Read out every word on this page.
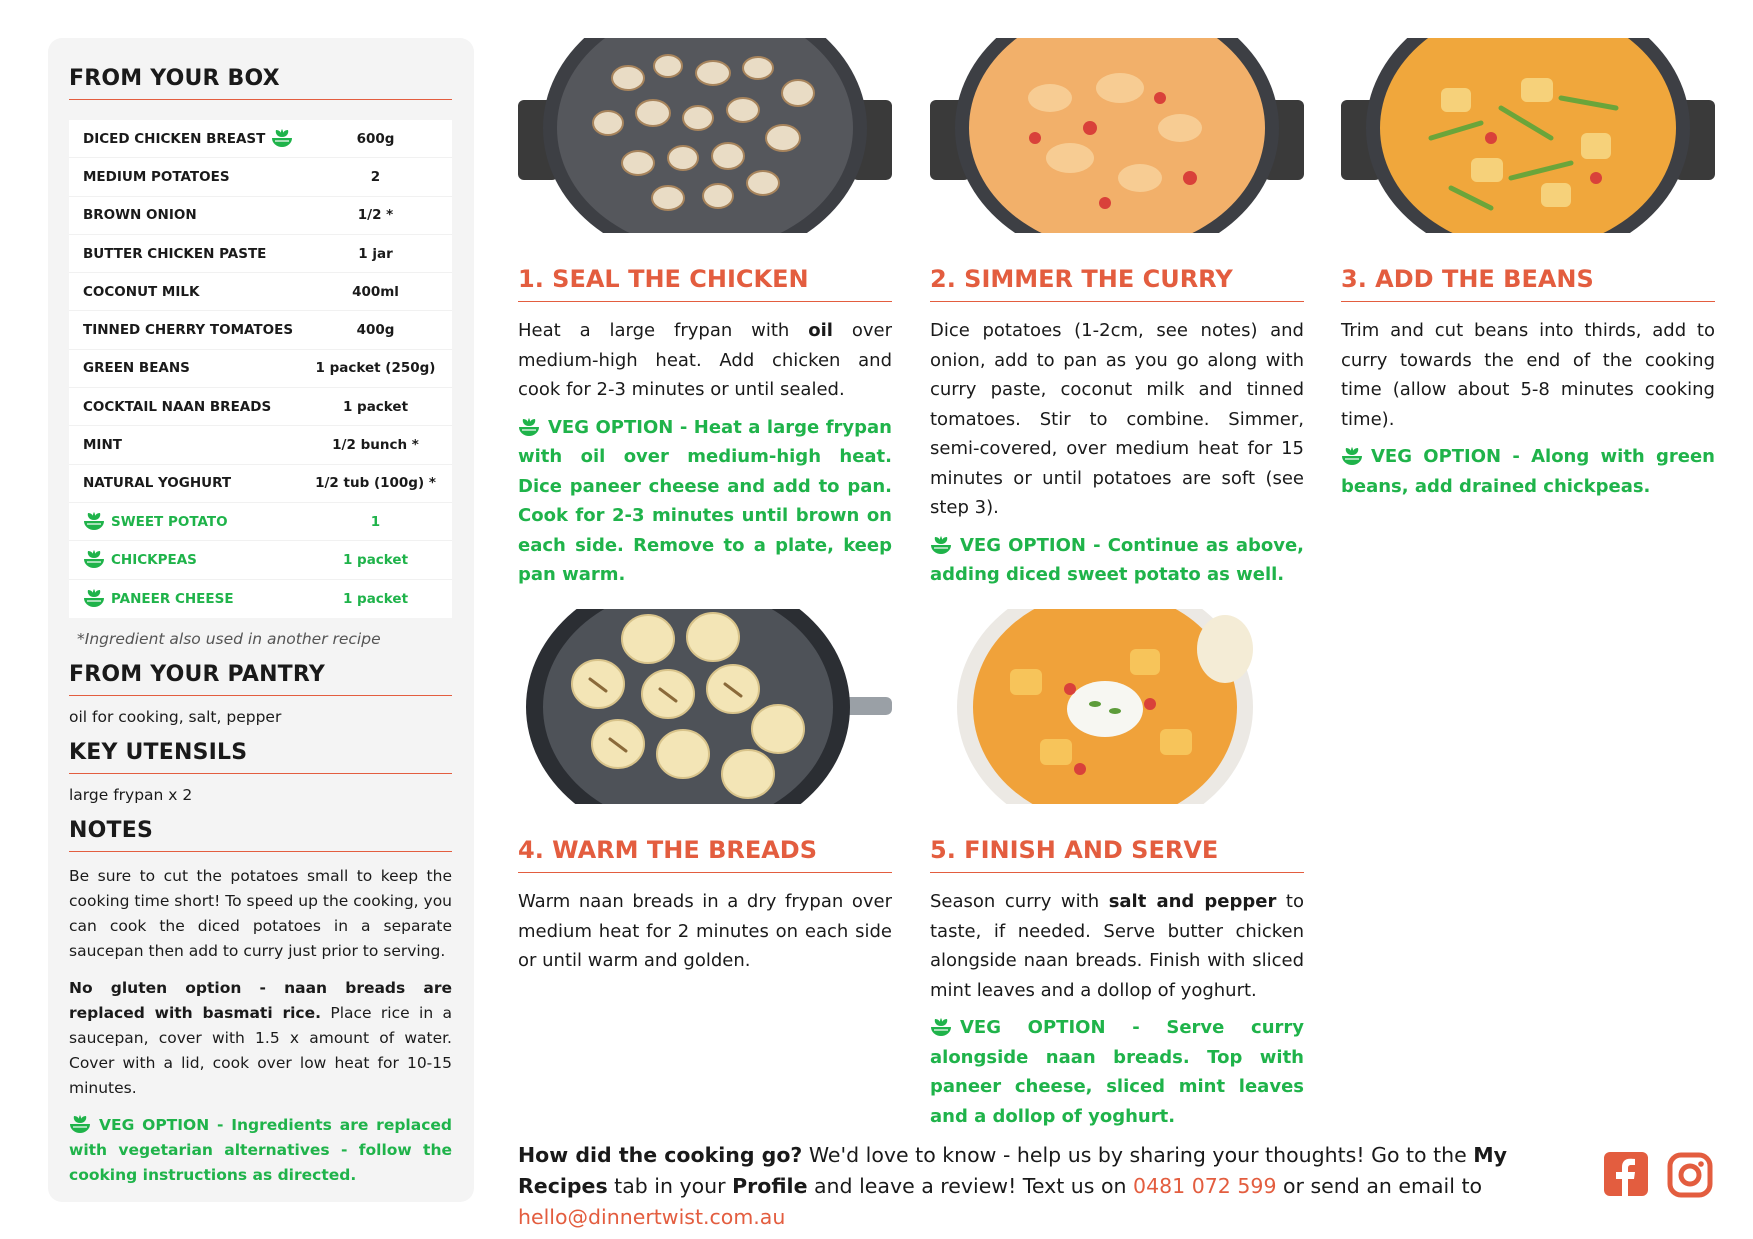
FROM YOUR BOX
DICED CHICKEN BREAST	600g
MEDIUM POTATOES	2
BROWN ONION	1/2 *
BUTTER CHICKEN PASTE	1 jar
COCONUT MILK	400ml
TINNED CHERRY TOMATOES	400g
GREEN BEANS	1 packet (250g)
COCKTAIL NAAN BREADS	1 packet
MINT	1/2 bunch *
NATURAL YOGHURT	1/2 tub (100g) *
SWEET POTATO	1
CHICKPEAS	1 packet
PANEER CHEESE	1 packet
*Ingredient also used in another recipe
FROM YOUR PANTRY
oil for cooking, salt, pepper
KEY UTENSILS
large frypan x 2
NOTES

Be sure to cut the potatoes small to keep the cooking time short! To speed up the cooking, you can cook the diced potatoes in a separate saucepan then add to curry just prior to serving.

No gluten option - naan breads are replaced with basmati rice. Place rice in a saucepan, cover with 1.5 x amount of water. Cover with a lid, cook over low heat for 10-15 minutes.

VEG OPTION - Ingredients are replaced with vegetarian alternatives - follow the cooking instructions as directed.

1. SEAL THE CHICKEN

Heat a large frypan with oil over medium-high heat. Add chicken and cook for 2-3 minutes or until sealed.

VEG OPTION - Heat a large frypan with oil over medium-high heat. Dice paneer cheese and add to pan. Cook for 2-3 minutes until brown on each side. Remove to a plate, keep pan warm.

2. SIMMER THE CURRY

Dice potatoes (1-2cm, see notes) and onion, add to pan as you go along with curry paste, coconut milk and tinned tomatoes. Stir to combine. Simmer, semi-covered, over medium heat for 15 minutes or until potatoes are soft (see step 3).

VEG OPTION - Continue as above, adding diced sweet potato as well.

3. ADD THE BEANS

Trim and cut beans into thirds, add to curry towards the end of the cooking time (allow about 5-8 minutes cooking time).

VEG OPTION - Along with green beans, add drained chickpeas.

4. WARM THE BREADS

Warm naan breads in a dry frypan over medium heat for 2 minutes on each side or until warm and golden.

5. FINISH AND SERVE

Season curry with salt and pepper to taste, if needed. Serve butter chicken alongside naan breads. Finish with sliced mint leaves and a dollop of yoghurt.

VEG OPTION - Serve curry alongside naan breads. Top with paneer cheese, sliced mint leaves and a dollop of yoghurt.

How did the cooking go? We'd love to know - help us by sharing your thoughts! Go to the My Recipes tab in your Profile and leave a review! Text us on 0481 072 599 or send an email to hello@dinnertwist.com.au
